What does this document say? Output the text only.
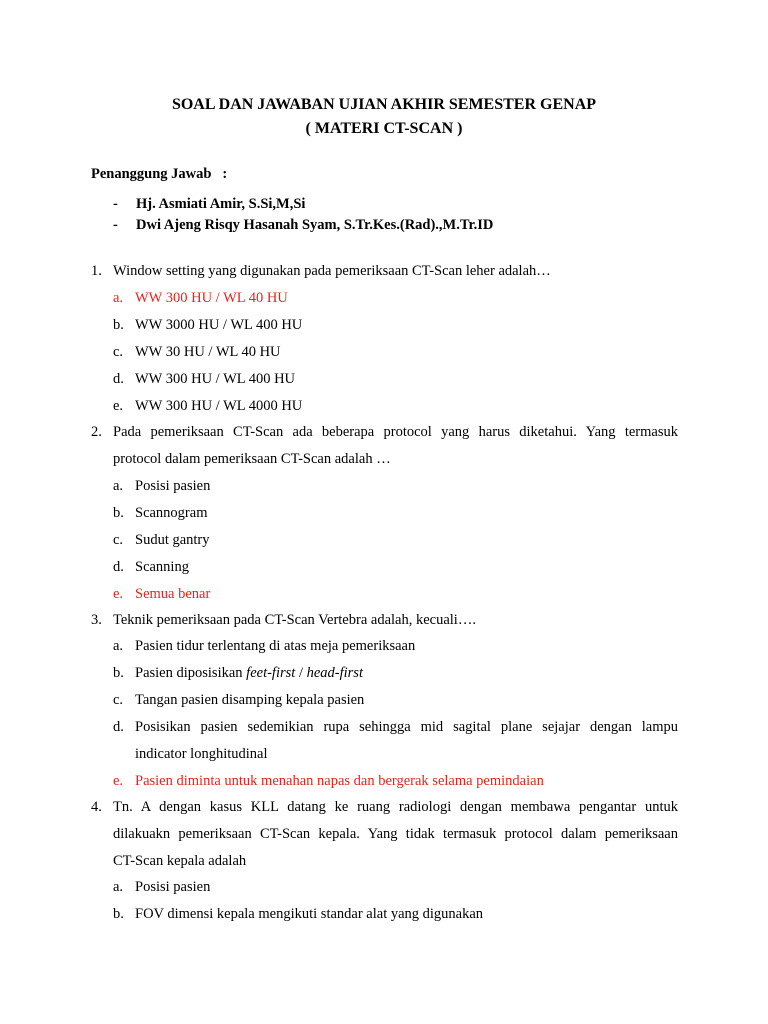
SOAL DAN JAWABAN UJIAN AKHIR SEMESTER GENAP
( MATERI CT-SCAN )
Penanggung Jawab   :
- Hj. Asmiati Amir, S.Si,M,Si
- Dwi Ajeng Risqy Hasanah Syam, S.Tr.Kes.(Rad).,M.Tr.ID
1. Window setting yang digunakan pada pemeriksaan CT-Scan leher adalah…
a. WW 300 HU / WL 40 HU
b. WW 3000 HU / WL 400 HU
c. WW 30 HU / WL 40 HU
d. WW 300 HU / WL 400 HU
e. WW 300 HU / WL 4000 HU
2. Pada pemeriksaan CT-Scan ada beberapa protocol yang harus diketahui. Yang termasuk
protocol dalam pemeriksaan CT-Scan adalah …
a. Posisi pasien
b. Scannogram
c. Sudut gantry
d. Scanning
e. Semua benar
3. Teknik pemeriksaan pada CT-Scan Vertebra adalah, kecuali….
a. Pasien tidur terlentang di atas meja pemeriksaan
b. Pasien diposisikan feet-first / head-first
c. Tangan pasien disamping kepala pasien
d. Posisikan pasien sedemikian rupa sehingga mid sagital plane sejajar dengan lampu
indicator longhitudinal
e. Pasien diminta untuk menahan napas dan bergerak selama pemindaian
4. Tn. A dengan kasus KLL datang ke ruang radiologi dengan membawa pengantar untuk
dilakuakn pemeriksaan CT-Scan kepala. Yang tidak termasuk protocol dalam pemeriksaan
CT-Scan kepala adalah
a. Posisi pasien
b. FOV dimensi kepala mengikuti standar alat yang digunakan
